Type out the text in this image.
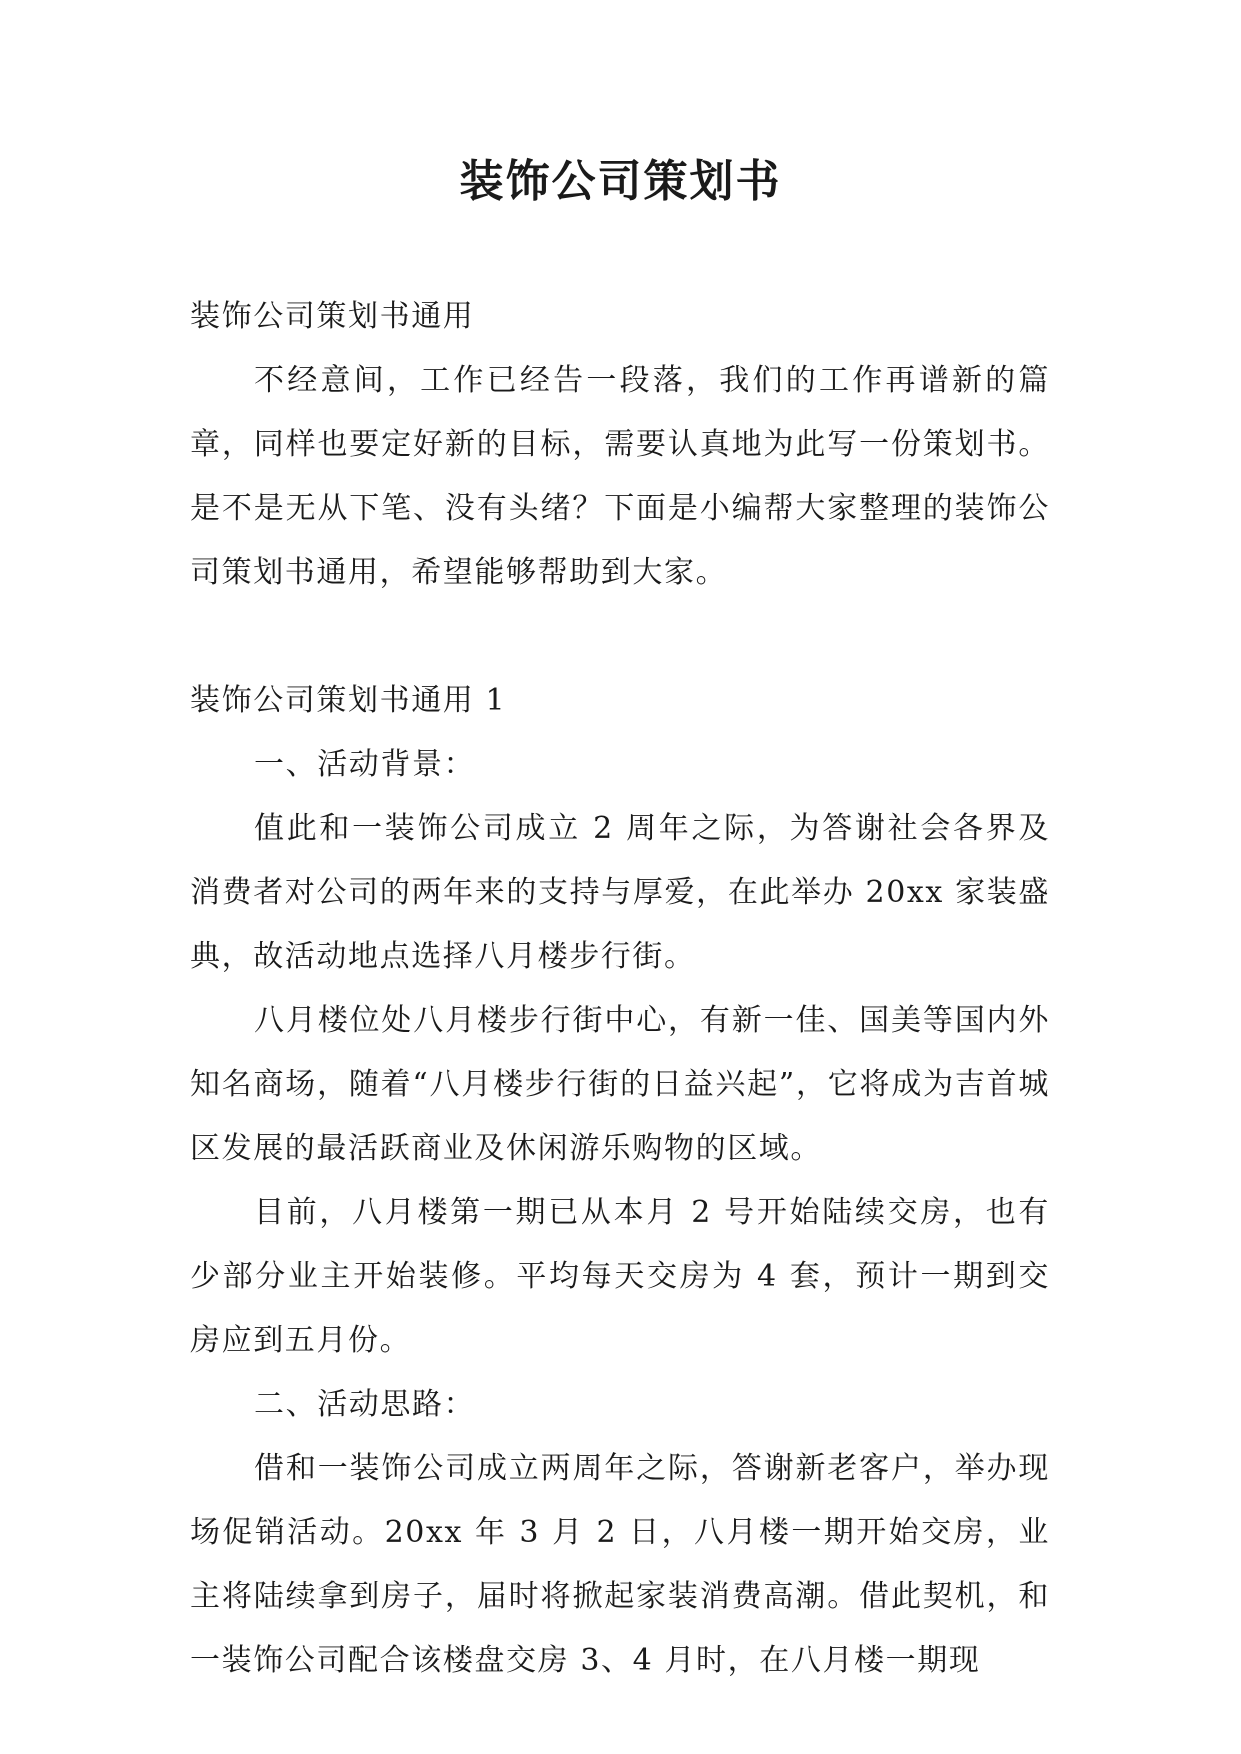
装饰公司策划书

装饰公司策划书通用

不经意间，工作已经告一段落，我们的工作再谱新的篇章，同样也要定好新的目标，需要认真地为此写一份策划书。是不是无从下笔、没有头绪？下面是小编帮大家整理的装饰公司策划书通用，希望能够帮助到大家。

装饰公司策划书通用 1

一、活动背景：

值此和一装饰公司成立 2 周年之际，为答谢社会各界及消费者对公司的两年来的支持与厚爱，在此举办 20xx 家装盛典，故活动地点选择八月楼步行街。

八月楼位处八月楼步行街中心，有新一佳、国美等国内外知名商场，随着“八月楼步行街的日益兴起”，它将成为吉首城区发展的最活跃商业及休闲游乐购物的区域。

目前，八月楼第一期已从本月 2 号开始陆续交房，也有少部分业主开始装修。平均每天交房为 4 套，预计一期到交房应到五月份。

二、活动思路：

借和一装饰公司成立两周年之际，答谢新老客户，举办现场促销活动。20xx 年 3 月 2 日，八月楼一期开始交房，业主将陆续拿到房子，届时将掀起家装消费高潮。借此契机，和一装饰公司配合该楼盘交房 3、4 月时，在八月楼一期现
